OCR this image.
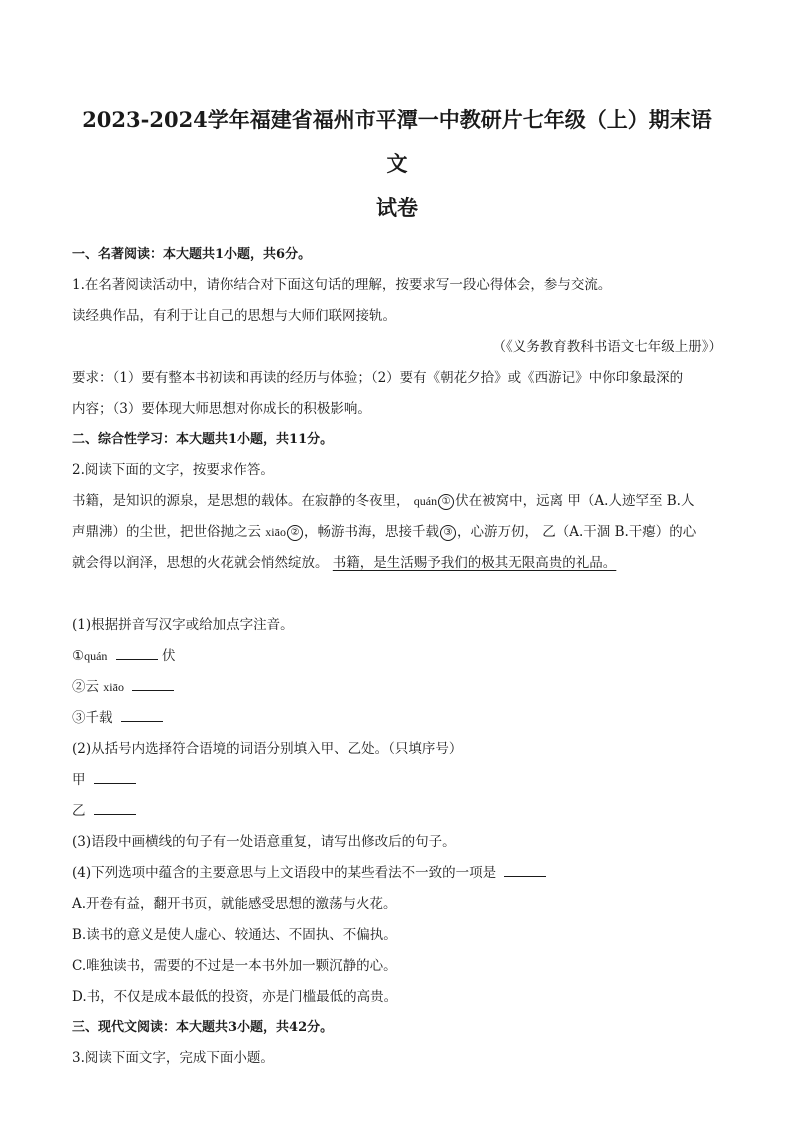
2023-2024学年福建省福州市平潭一中教研片七年级（上）期末语文
试卷
一、名著阅读：本大题共1小题，共6分。
1.在名著阅读活动中，请你结合对下面这句话的理解，按要求写一段心得体会，参与交流。
读经典作品，有利于让自己的思想与大师们联网接轨。
（《义务教育教科书语文七年级上册》）
要求：（1）要有整本书初读和再读的经历与体验；（2）要有《朝花夕拾》或《西游记》中你印象最深的
内容；（3）要体现大师思想对你成长的积极影响。
二、综合性学习：本大题共1小题，共11分。
2.阅读下面的文字，按要求作答。
书籍，是知识的源泉，是思想的载体。在寂静的冬夜里， quán ① 伏在被窝中，远离 甲（A.人迹罕至 B.人
声鼎沸）的尘世，把世俗抛之云 xiāo ② ，畅游书海，思接千载 ③ ，心游万仞， 乙（A.干涸 B.干瘪）的心
就会得以润泽，思想的火花就会悄然绽放。 书籍，是生活赐予我们的极其无限高贵的礼品。
(1)根据拼音写汉字或给加点字注音。
①quán	伏
②云 xiāo
③千载
(2)从括号内选择符合语境的词语分别填入甲、乙处。（只填序号）
甲
乙
(3)语段中画横线的句子有一处语意重复，请写出修改后的句子。
(4)下列选项中蕴含的主要意思与上文语段中的某些看法不一致的一项是
A.开卷有益，翻开书页，就能感受思想的激荡与火花。
B.读书的意义是使人虚心、较通达、不固执、不偏执。
C.唯独读书，需要的不过是一本书外加一颗沉静的心。
D.书，不仅是成本最低的投资，亦是门槛最低的高贵。
三、现代文阅读：本大题共3小题，共42分。
3.阅读下面文字，完成下面小题。
